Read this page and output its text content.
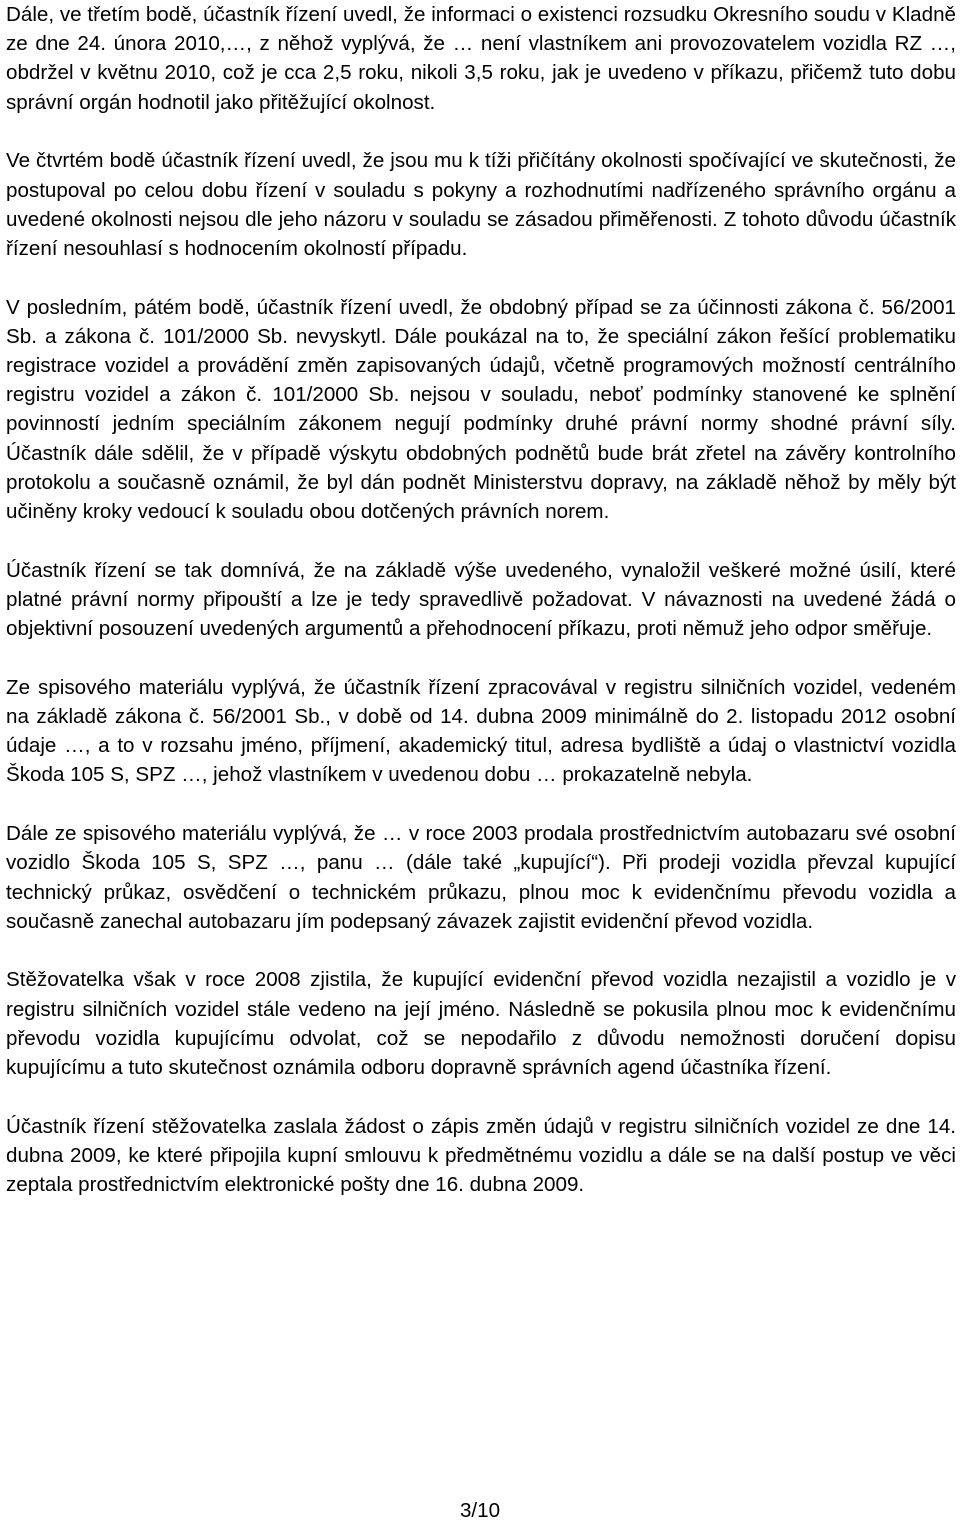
Dále, ve třetím bodě, účastník řízení uvedl, že informaci o existenci rozsudku Okresního soudu v Kladně ze dne 24. února 2010,…, z něhož vyplývá, že … není vlastníkem ani provozovatelem vozidla RZ …, obdržel v květnu 2010, což je cca 2,5 roku, nikoli 3,5 roku, jak je uvedeno v příkazu, přičemž tuto dobu správní orgán hodnotil jako přitěžující okolnost.

Ve čtvrtém bodě účastník řízení uvedl, že jsou mu k tíži přičítány okolnosti spočívající ve skutečnosti, že postupoval po celou dobu řízení v souladu s pokyny a rozhodnutími nadřízeného správního orgánu a uvedené okolnosti nejsou dle jeho názoru v souladu se zásadou přiměřenosti. Z tohoto důvodu účastník řízení nesouhlasí s hodnocením okolností případu.

V posledním, pátém bodě, účastník řízení uvedl, že obdobný případ se za účinnosti zákona č. 56/2001 Sb. a zákona č. 101/2000 Sb. nevyskytl. Dále poukázal na to, že speciální zákon řešící problematiku registrace vozidel a provádění změn zapisovaných údajů, včetně programových možností centrálního registru vozidel a zákon č. 101/2000 Sb. nejsou v souladu, neboť podmínky stanovené ke splnění povinností jedním speciálním zákonem negují podmínky druhé právní normy shodné právní síly. Účastník dále sdělil, že v případě výskytu obdobných podnětů bude brát zřetel na závěry kontrolního protokolu a současně oznámil, že byl dán podnět Ministerstvu dopravy, na základě něhož by měly být učiněny kroky vedoucí k souladu obou dotčených právních norem.

Účastník řízení se tak domnívá, že na základě výše uvedeného, vynaložil veškeré možné úsilí, které platné právní normy připouští a lze je tedy spravedlivě požadovat. V návaznosti na uvedené žádá o objektivní posouzení uvedených argumentů a přehodnocení příkazu, proti němuž jeho odpor směřuje.

Ze spisového materiálu vyplývá, že účastník řízení zpracovával v registru silničních vozidel, vedeném na základě zákona č. 56/2001 Sb., v době od 14. dubna 2009 minimálně do 2. listopadu 2012 osobní údaje …, a to v rozsahu jméno, příjmení, akademický titul, adresa bydliště a údaj o vlastnictví vozidla Škoda 105 S, SPZ …, jehož vlastníkem v uvedenou dobu … prokazatelně nebyla.

Dále ze spisového materiálu vyplývá, že … v roce 2003 prodala prostřednictvím autobazaru své osobní vozidlo Škoda 105 S, SPZ …, panu … (dále také „kupující“). Při prodeji vozidla převzal kupující technický průkaz, osvědčení o technickém průkazu, plnou moc k evidenčnímu převodu vozidla a současně zanechal autobazaru jím podepsaný závazek zajistit evidenční převod vozidla.

Stěžovatelka však v roce 2008 zjistila, že kupující evidenční převod vozidla nezajistil a vozidlo je v registru silničních vozidel stále vedeno na její jméno. Následně se pokusila plnou moc k evidenčnímu převodu vozidla kupujícímu odvolat, což se nepodařilo z důvodu nemožnosti doručení dopisu kupujícímu a tuto skutečnost oznámila odboru dopravně správních agend účastníka řízení.

Účastník řízení stěžovatelka zaslala žádost o zápis změn údajů v registru silničních vozidel ze dne 14. dubna 2009, ke které připojila kupní smlouvu k předmětnému vozidlu a dále se na další postup ve věci zeptala prostřednictvím elektronické pošty dne 16. dubna 2009.

3/10
